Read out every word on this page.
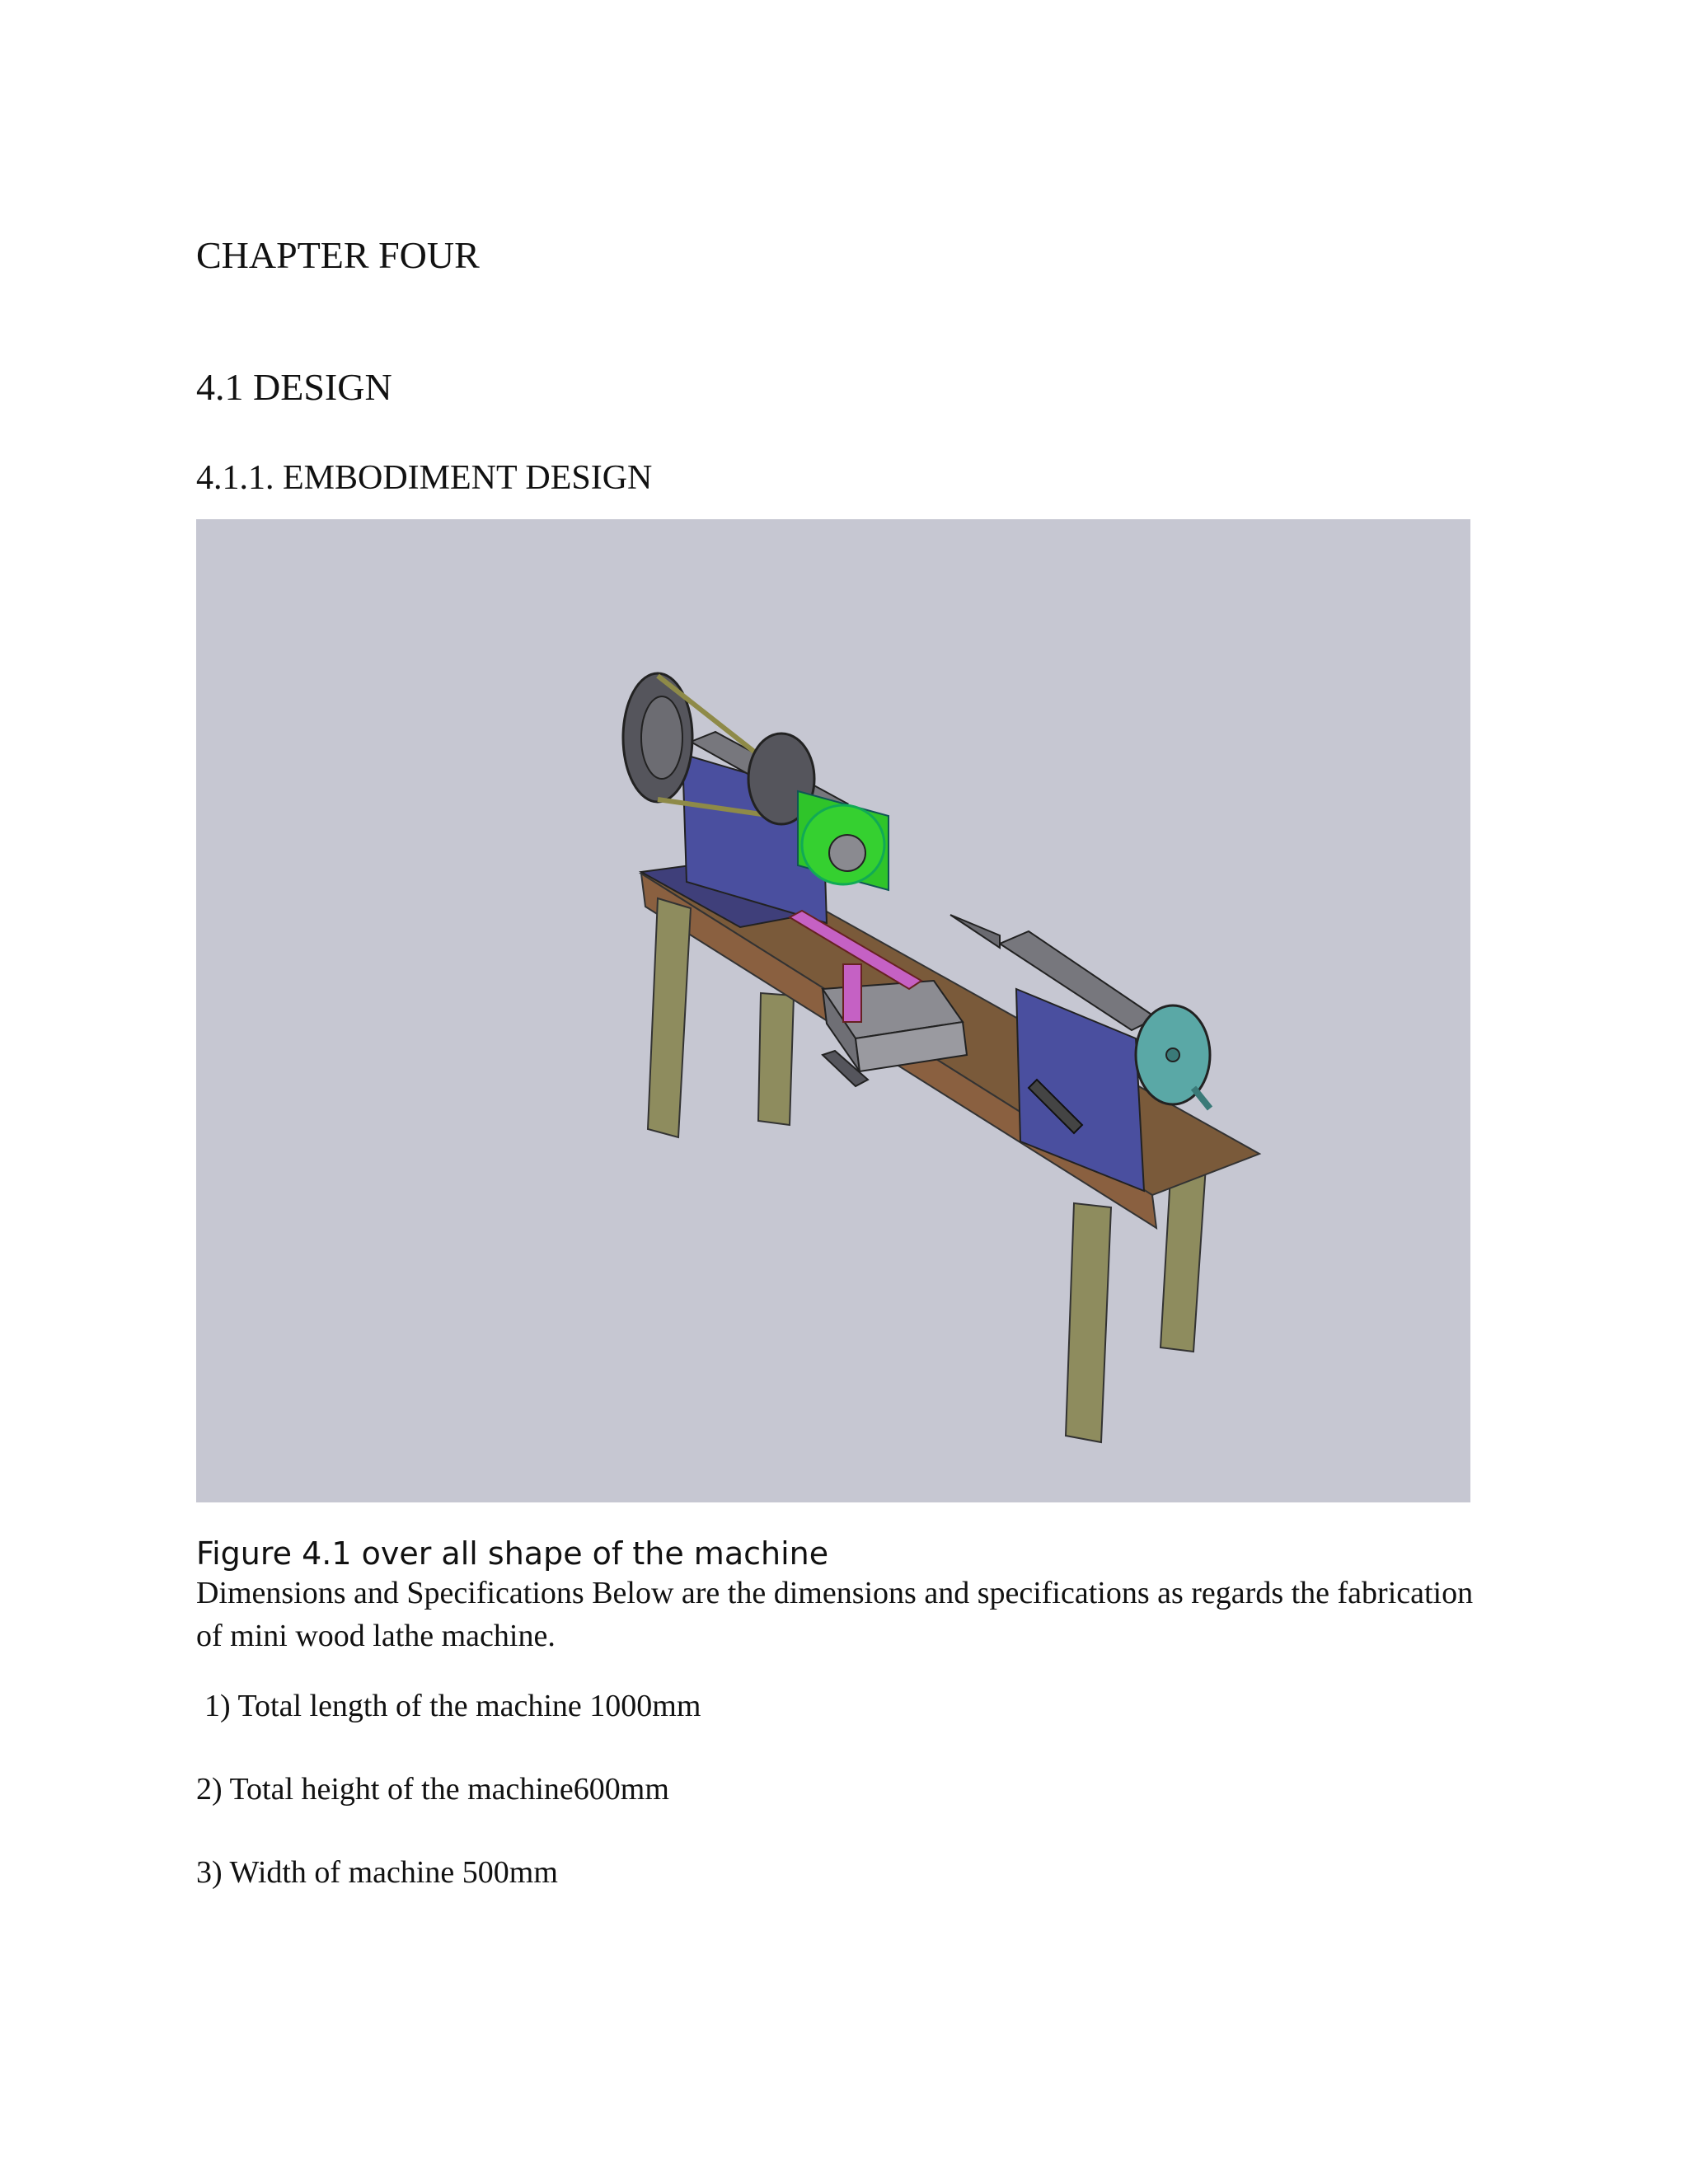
CHAPTER FOUR
4.1 DESIGN
4.1.1. EMBODIMENT DESIGN
Figure 4.1 over all shape of the machine
Dimensions and Specifications Below are the dimensions and specifications as regards the fabrication of mini wood lathe machine.
1) Total length of the machine 1000mm
2) Total height of the machine600mm
3) Width of machine 500mm
